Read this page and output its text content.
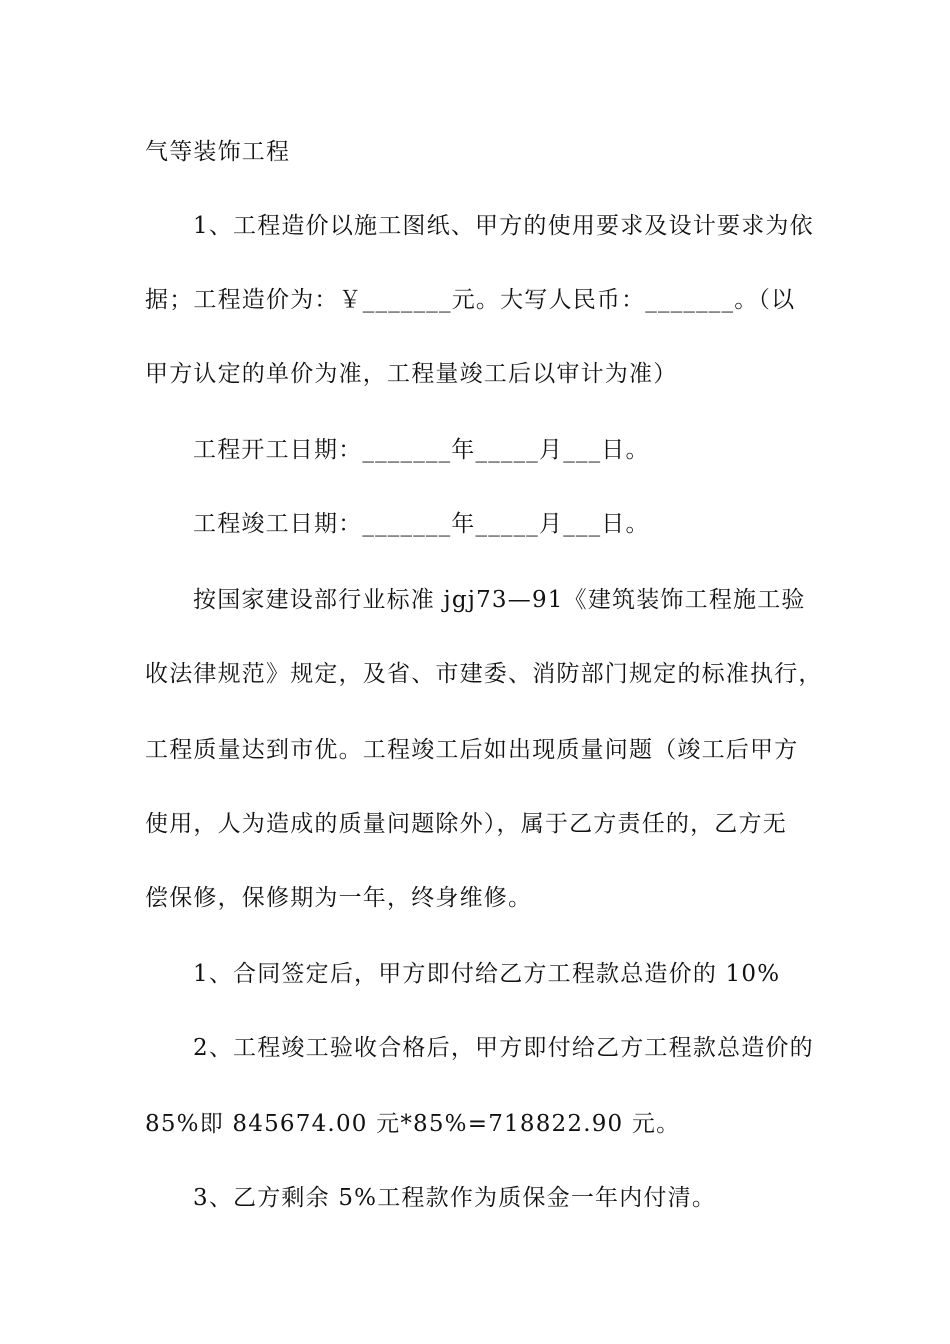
气等装饰工程
1、工程造价以施工图纸、甲方的使用要求及设计要求为依
据；工程造价为：￥_______元。大写人民币：_______。（以
甲方认定的单价为准，工程量竣工后以审计为准）
工程开工日期：_______年_____月___日。
工程竣工日期：_______年_____月___日。
按国家建设部行业标准 jgj73—91《建筑装饰工程施工验
收法律规范》规定，及省、市建委、消防部门规定的标准执行，
工程质量达到市优。工程竣工后如出现质量问题（竣工后甲方
使用，人为造成的质量问题除外），属于乙方责任的，乙方无
偿保修，保修期为一年，终身维修。
1、合同签定后，甲方即付给乙方工程款总造价的 10%
2、工程竣工验收合格后，甲方即付给乙方工程款总造价的
85%即 845674.00 元*85%=718822.90 元。
3、乙方剩余 5%工程款作为质保金一年内付清。
